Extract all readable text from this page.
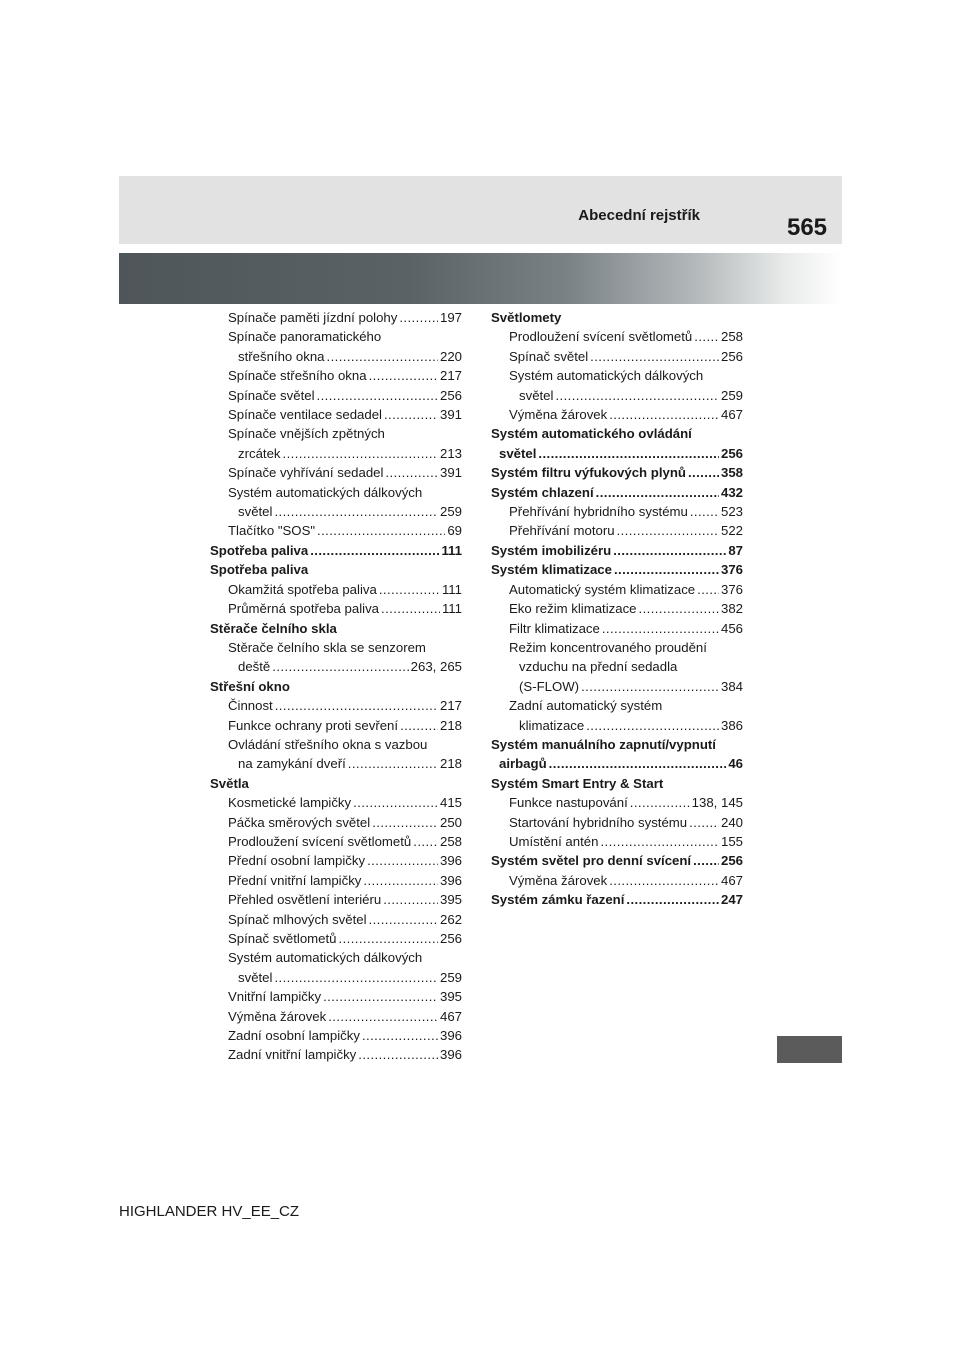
Abecední rejstřík	565
Spínače paměti jízdní polohy .....	197
Spínače panoramatického
střešního okna .....	220
Spínače střešního okna .....	217
Spínače světel .....	256
Spínače ventilace sedadel .....	391
Spínače vnějších zpětných
zrcátek .....	213
Spínače vyhřívání sedadel .....	391
Systém automatických dálkových
světel .....	259
Tlačítko "SOS" .....	69
Spotřeba paliva .....	111
Spotřeba paliva
Okamžitá spotřeba paliva .....	111
Průměrná spotřeba paliva .....	111
Stěrače čelního skla
Stěrače čelního skla se senzorem
deště .....	263, 265
Střešní okno
Činnost .....	217
Funkce ochrany proti sevření .....	218
Ovládání střešního okna s vazbou
na zamykání dveří .....	218
Světla
Kosmetické lampičky .....	415
Páčka směrových světel .....	250
Prodloužení svícení světlometů ..... 258
Přední osobní lampičky .....	396
Přední vnitřní lampičky .....	396
Přehled osvětlení interiéru .....	395
Spínač mlhových světel .....	262
Spínač světlometů .....	256
Systém automatických dálkových
světel .....	259
Vnitřní lampičky .....	395
Výměna žárovek .....	467
Zadní osobní lampičky .....	396
Zadní vnitřní lampičky .....	396
Světlomety
Prodloužení svícení světlometů ..... 258
Spínač světel .....	256
Systém automatických dálkových
světel .....	259
Výměna žárovek .....	467
Systém automatického ovládání
světel .....	256
Systém filtru výfukových plynů .....	358
Systém chlazení .....	432
Přehřívání hybridního systému .....	523
Přehřívání motoru .....	522
Systém imobilizéru .....	87
Systém klimatizace .....	376
Automatický systém klimatizace ..... 376
Eko režim klimatizace .....	382
Filtr klimatizace .....	456
Režim koncentrovaného proudění
vzduchu na přední sedadla
(S-FLOW) .....	384
Zadní automatický systém
klimatizace .....	386
Systém manuálního zapnutí/vypnutí
airbagů .....	46
Systém Smart Entry & Start
Funkce nastupování .....	138, 145
Startování hybridního systému .....	240
Umístění antén .....	155
Systém světel pro denní svícení ..... 256
Výměna žárovek .....	467
Systém zámku řazení .....	247
HIGHLANDER HV_EE_CZ
